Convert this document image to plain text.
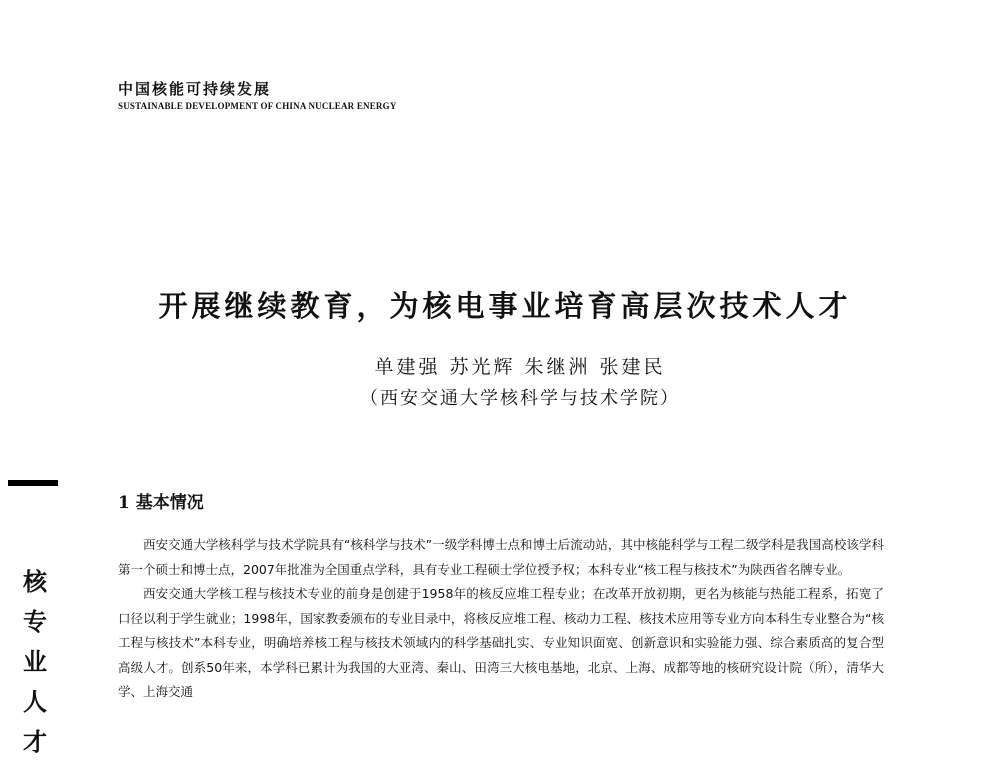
中国核能可持续发展
SUSTAINABLE DEVELOPMENT OF CHINA NUCLEAR ENERGY
开展继续教育，为核电事业培育高层次技术人才
单建强 苏光辉 朱继洲 张建民
（西安交通大学核科学与技术学院）
核
专
业
人
才
1 基本情况

西安交通大学核科学与技术学院具有“核科学与技术”一级学科博士点和博士后流动站，其中核能科学与工程二级学科是我国高校该学科第一个硕士和博士点，2007年批准为全国重点学科，具有专业工程硕士学位授予权；本科专业“核工程与核技术”为陕西省名牌专业。

西安交通大学核工程与核技术专业的前身是创建于1958年的核反应堆工程专业；在改革开放初期，更名为核能与热能工程系，拓宽了口径以利于学生就业；1998年，国家教委颁布的专业目录中，将核反应堆工程、核动力工程、核技术应用等专业方向本科生专业整合为“核工程与核技术”本科专业，明确培养核工程与核技术领域内的科学基础扎实、专业知识面宽、创新意识和实验能力强、综合素质高的复合型高级人才。创系50年来，本学科已累计为我国的大亚湾、秦山、田湾三大核电基地，北京、上海、成都等地的核研究设计院（所），清华大学、上海交通
